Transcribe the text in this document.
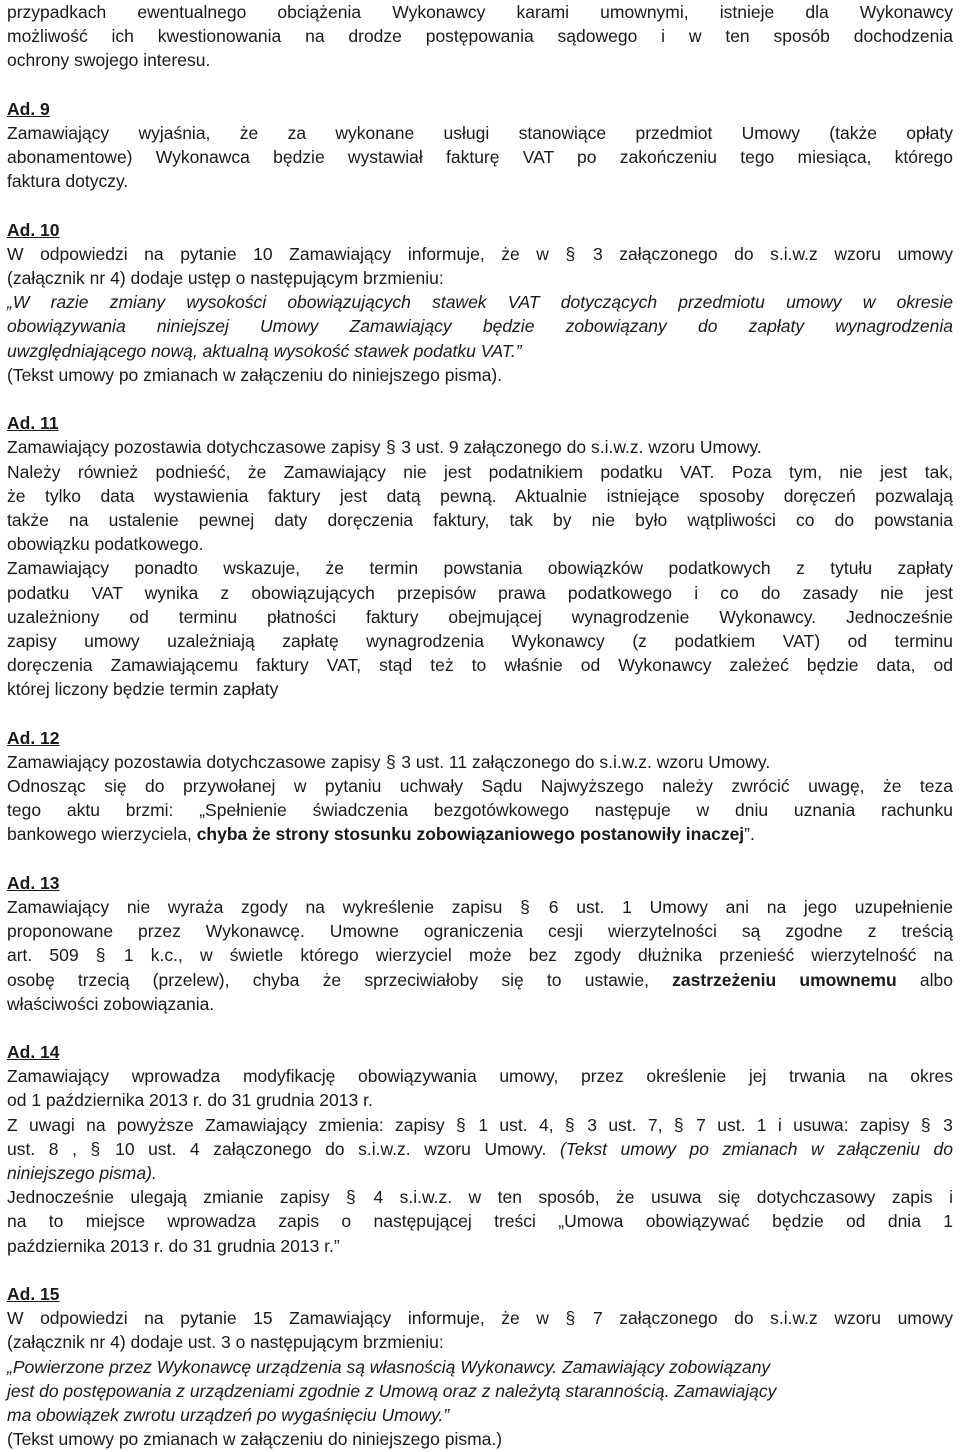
przypadkach ewentualnego obciążenia Wykonawcy karami umownymi, istnieje dla Wykonawcy
możliwość ich kwestionowania na drodze postępowania sądowego i w ten sposób dochodzenia
ochrony swojego interesu.
Ad. 9
Zamawiający wyjaśnia, że za wykonane usługi stanowiące przedmiot Umowy (także opłaty
abonamentowe) Wykonawca będzie wystawiał fakturę VAT po zakończeniu tego miesiąca, którego
faktura dotyczy.
Ad. 10
W odpowiedzi na pytanie 10 Zamawiający informuje, że w § 3 załączonego do s.i.w.z wzoru umowy
(załącznik nr 4) dodaje ustęp o następującym brzmieniu:
„W razie zmiany wysokości obowiązujących stawek VAT dotyczących przedmiotu umowy w okresie
obowiązywania niniejszej Umowy Zamawiający będzie zobowiązany do zapłaty wynagrodzenia
uwzględniającego nową, aktualną wysokość stawek podatku VAT.”
(Tekst umowy po zmianach w załączeniu do niniejszego pisma).
Ad. 11
Zamawiający pozostawia dotychczasowe zapisy § 3 ust. 9 załączonego do s.i.w.z. wzoru Umowy.
Należy również podnieść, że Zamawiający nie jest podatnikiem podatku VAT. Poza tym, nie jest tak,
że tylko data wystawienia faktury jest datą pewną. Aktualnie istniejące sposoby doręczeń pozwalają
także na ustalenie pewnej daty doręczenia faktury, tak by nie było wątpliwości co do powstania
obowiązku podatkowego.
Zamawiający ponadto wskazuje, że termin powstania obowiązków podatkowych z tytułu zapłaty
podatku VAT wynika z obowiązujących przepisów prawa podatkowego i co do zasady nie jest
uzależniony od terminu płatności faktury obejmującej wynagrodzenie Wykonawcy. Jednocześnie
zapisy umowy uzależniają zapłatę wynagrodzenia Wykonawcy (z podatkiem VAT) od terminu
doręczenia Zamawiającemu faktury VAT, stąd też to właśnie od Wykonawcy zależeć będzie data, od
której liczony będzie termin zapłaty
Ad. 12
Zamawiający pozostawia dotychczasowe zapisy § 3 ust. 11 załączonego do s.i.w.z. wzoru Umowy.
Odnosząc się do przywołanej w pytaniu uchwały Sądu Najwyższego należy zwrócić uwagę, że teza
tego aktu brzmi: „Spełnienie świadczenia bezgotówkowego następuje w dniu uznania rachunku
bankowego wierzyciela, chyba że strony stosunku zobowiązaniowego postanowiły inaczej”.
Ad. 13
Zamawiający nie wyraża zgody na wykreślenie zapisu § 6 ust. 1 Umowy ani na jego uzupełnienie
proponowane przez Wykonawcę. Umowne ograniczenia cesji wierzytelności są zgodne z treścią
art. 509 § 1 k.c., w świetle którego wierzyciel może bez zgody dłużnika przenieść wierzytelność na
osobę trzecią (przelew), chyba że sprzeciwiałoby się to ustawie, zastrzeżeniu umownemu albo
właściwości zobowiązania.
Ad. 14
Zamawiający wprowadza modyfikację obowiązywania umowy, przez określenie jej trwania na okres
od 1 października 2013 r. do 31 grudnia 2013 r.
Z uwagi na powyższe Zamawiający zmienia: zapisy § 1 ust. 4, § 3 ust. 7, § 7 ust. 1 i usuwa: zapisy § 3
ust. 8 , § 10 ust. 4 załączonego do s.i.w.z. wzoru Umowy. (Tekst umowy po zmianach w załączeniu do
niniejszego pisma).
Jednocześnie ulegają zmianie zapisy § 4 s.i.w.z. w ten sposób, że usuwa się dotychczasowy zapis i
na to miejsce wprowadza zapis o następującej treści „Umowa obowiązywać będzie od dnia 1
października 2013 r. do 31 grudnia 2013 r.”
Ad. 15
W odpowiedzi na pytanie 15 Zamawiający informuje, że w § 7 załączonego do s.i.w.z wzoru umowy
(załącznik nr 4) dodaje ust. 3 o następującym brzmieniu:
„Powierzone przez Wykonawcę urządzenia są własnością Wykonawcy. Zamawiający zobowiązany
jest do postępowania z urządzeniami zgodnie z Umową oraz z należytą starannością. Zamawiający
ma obowiązek zwrotu urządzeń po wygaśnięciu Umowy.”
(Tekst umowy po zmianach w załączeniu do niniejszego pisma.)
